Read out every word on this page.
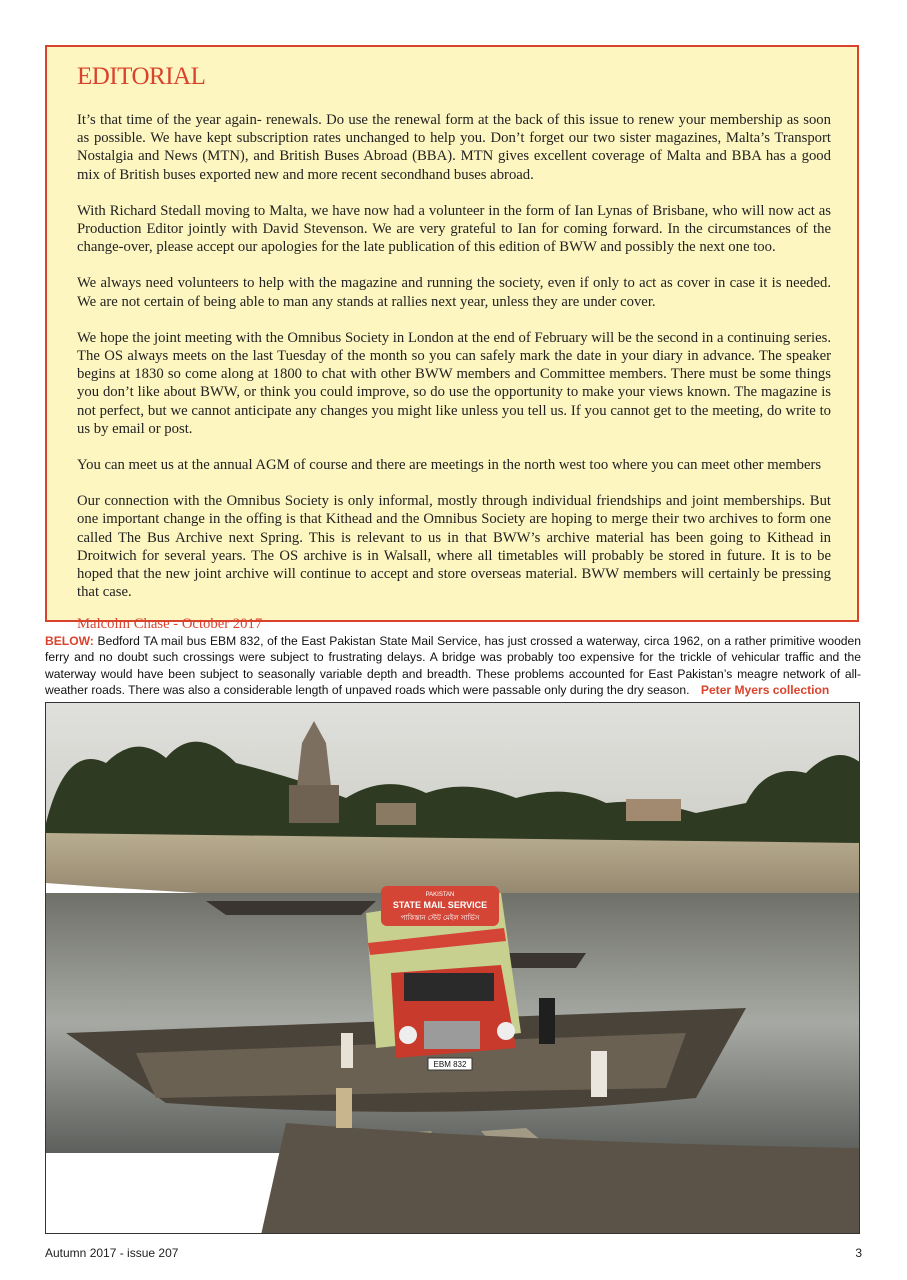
EDITORIAL

It’s that time of the year again- renewals. Do use the renewal form at the back of this issue to renew your membership as soon as possible. We have kept subscription rates unchanged to help you. Don’t forget our two sister magazines, Malta’s Transport Nostalgia and News (MTN), and British Buses Abroad (BBA). MTN gives excellent coverage of Malta and BBA has a good mix of British buses exported new and more recent secondhand buses abroad.

With Richard Stedall moving to Malta, we have now had a volunteer in the form of Ian Lynas of Brisbane, who will now act as Production Editor jointly with David Stevenson. We are very grateful to Ian for coming forward. In the circumstances of the change-over, please accept our apologies for the late publication of this edition of BWW and possibly the next one too.

We always need volunteers to help with the magazine and running the society, even if only to act as cover in case it is needed. We are not certain of being able to man any stands at rallies next year, unless they are under cover.

We hope the joint meeting with the Omnibus Society in London at the end of February will be the second in a continuing series. The OS always meets on the last Tuesday of the month so you can safely mark the date in your diary in advance. The speaker begins at 1830 so come along at 1800 to chat with other BWW members and Committee members. There must be some things you don’t like about BWW, or think you could improve, so do use the opportunity to make your views known. The magazine is not perfect, but we cannot anticipate any changes you might like unless you tell us. If you cannot get to the meeting, do write to us by email or post.

You can meet us at the annual AGM of course and there are meetings in the north west too where you can meet other members

Our connection with the Omnibus Society is only informal, mostly through individual friendships and joint memberships. But one important change in the offing is that Kithead and the Omnibus Society are hoping to merge their two archives to form one called The Bus Archive next Spring. This is relevant to us in that BWW’s archive material has been going to Kithead in Droitwich for several years. The OS archive is in Walsall, where all timetables will probably be stored in future. It is to be hoped that the new joint archive will continue to accept and store overseas material. BWW members will certainly be pressing that case.

Malcolm Chase - October 2017
BELOW: Bedford TA mail bus EBM 832, of the East Pakistan State Mail Service, has just crossed a waterway, circa 1962, on a rather primitive wooden ferry and no doubt such crossings were subject to frustrating delays. A bridge was probably too expensive for the trickle of vehicular traffic and the waterway would have been subject to seasonally variable depth and breadth. These problems accounted for East Pakistan’s meagre network of all-weather roads. There was also a considerable length of unpaved roads which were passable only during the dry season. Peter Myers collection
PAKISTAN
STATE MAIL SERVICE
পাকিস্তান স্টেট মেইল সার্ভিস
EBM 832
Autumn 2017 - issue 207	3
